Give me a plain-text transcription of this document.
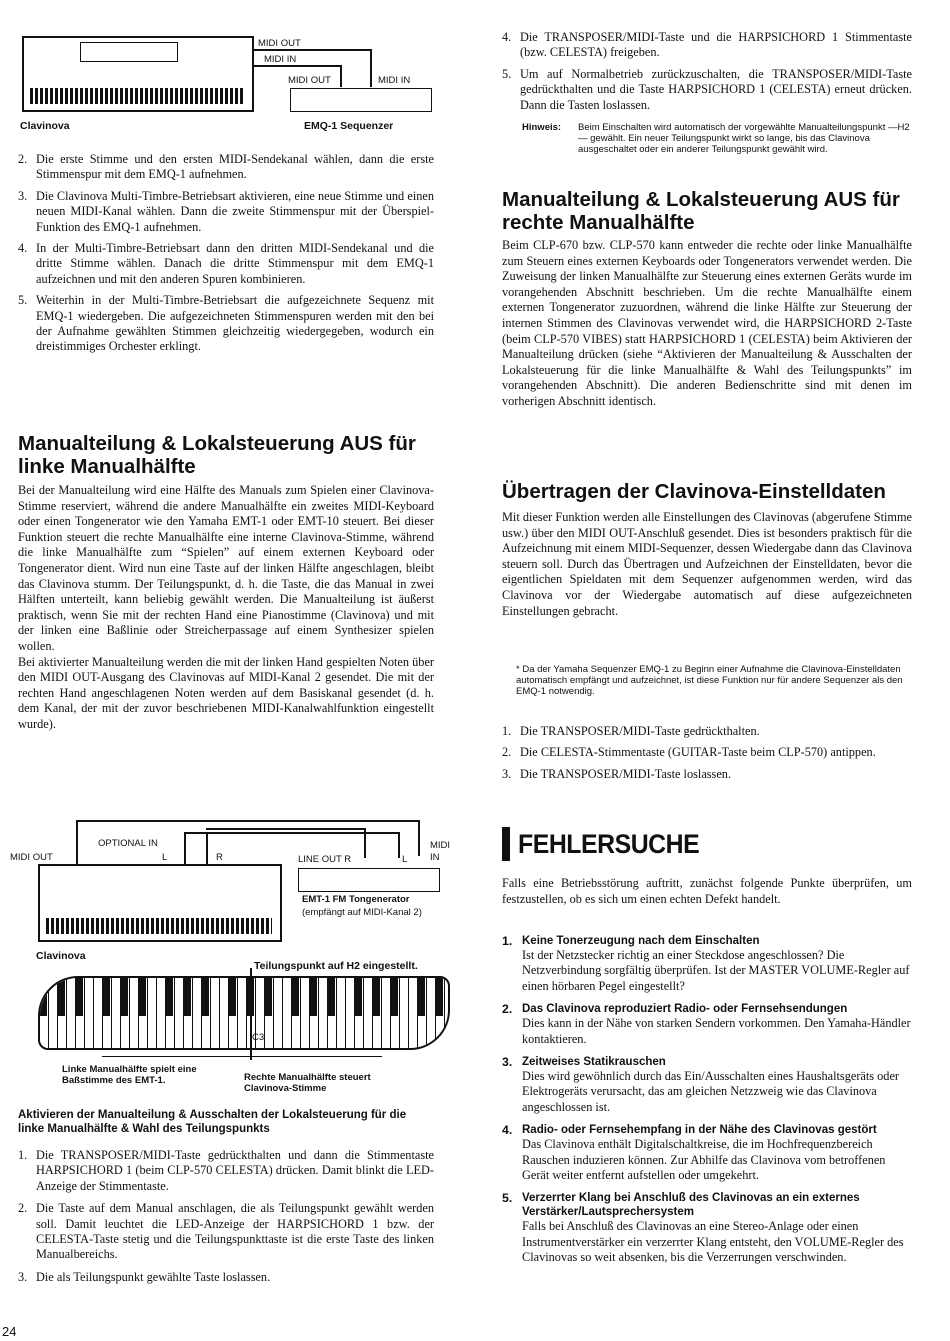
MIDI OUT
MIDI IN
MIDI OUT	MIDI IN
Clavinova	EMQ-1 Sequenzer
2. Die erste Stimme und den ersten MIDI-Sendekanal wählen, dann die erste Stimmenspur mit dem EMQ-1 aufnehmen.
3. Die Clavinova Multi-Timbre-Betriebsart aktivieren, eine neue Stimme und einen neuen MIDI-Kanal wählen. Dann die zweite Stimmenspur mit der Überspiel-Funktion des EMQ-1 aufnehmen.
4. In der Multi-Timbre-Betriebsart dann den dritten MIDI-Sendekanal und die dritte Stimme wählen. Danach die dritte Stimmenspur mit dem EMQ-1 aufzeichnen und mit den anderen Spuren kombinieren.
5. Weiterhin in der Multi-Timbre-Betriebsart die aufgezeichnete Sequenz mit EMQ-1 wiedergeben. Die aufgezeichneten Stimmenspuren werden mit den bei der Aufnahme gewählten Stimmen gleichzeitig wiedergegeben, wodurch ein dreistimmiges Orchester erklingt.
Manualteilung & Lokalsteuerung AUS für linke Manualhälfte

Bei der Manualteilung wird eine Hälfte des Manuals zum Spielen einer Clavinova-Stimme reserviert, während die andere Manualhälfte ein zweites MIDI-Keyboard oder einen Tongenerator wie den Yamaha EMT-1 oder EMT-10 steuert. Bei dieser Funktion steuert die rechte Manualhälfte eine interne Clavinova-Stimme, während die linke Manualhälfte zum “Spielen” auf einem externen Keyboard oder Tongenerator dient. Wird nun eine Taste auf der linken Hälfte angeschlagen, bleibt das Clavinova stumm. Der Teilungspunkt, d. h. die Taste, die das Manual in zwei Hälften unterteilt, kann beliebig gewählt werden. Die Manualteilung ist äußerst praktisch, wenn Sie mit der rechten Hand eine Pianostimme (Clavinova) und mit der linken eine Baßlinie oder Streicherpassage auf einem Synthesizer spielen wollen.

Bei aktivierter Manualteilung werden die mit der linken Hand gespielten Noten über den MIDI OUT-Ausgang des Clavinovas auf MIDI-Kanal 2 gesendet. Die mit der rechten Hand angeschlagenen Noten werden auf dem Basiskanal gesendet (d. h. dem Kanal, der mit der zuvor beschriebenen MIDI-Kanalwahlfunktion eingestellt wurde).

MIDI OUT
OPTIONAL IN
L	R
MIDI
IN
LINE OUT R	L
EMT-1 FM Tongenerator
(empfängt auf MIDI-Kanal 2)
Clavinova
Teilungspunkt auf H2 eingestellt.
C3
Linke Manualhälfte spielt eine Baßstimme des EMT-1.	Rechte Manualhälfte steuert Clavinova-Stimme
Aktivieren der Manualteilung & Ausschalten der Lokalsteuerung für die linke Manualhälfte & Wahl des Teilungspunkts
1. Die TRANSPOSER/MIDI-Taste gedrückthalten und dann die Stimmentaste HARPSICHORD 1 (beim CLP-570 CELESTA) drücken. Damit blinkt die LED-Anzeige der Stimmentaste.
2. Die Taste auf dem Manual anschlagen, die als Teilungspunkt gewählt werden soll. Damit leuchtet die LED-Anzeige der HARPSICHORD 1 bzw. der CELESTA-Taste stetig und die Teilungspunkttaste ist die erste Taste des linken Manualbereichs.
3. Die als Teilungspunkt gewählte Taste loslassen.
24
4. Die TRANSPOSER/MIDI-Taste und die HARPSICHORD 1 Stimmentaste (bzw. CELESTA) freigeben.
5. Um auf Normalbetrieb zurückzuschalten, die TRANSPOSER/MIDI-Taste gedrückthalten und die Taste HARPSICHORD 1 (CELESTA) erneut drücken. Dann die Tasten loslassen.
Hinweis:	Beim Einschalten wird automatisch der vorgewählte Manualteilungspunkt —H2— gewählt. Ein neuer Teilungspunkt wirkt so lange, bis das Clavinova ausgeschaltet oder ein anderer Teilungspunkt gewählt wird.
Manualteilung & Lokalsteuerung AUS für rechte Manualhälfte

Beim CLP-670 bzw. CLP-570 kann entweder die rechte oder linke Manualhälfte zum Steuern eines externen Keyboards oder Tongenerators verwendet werden. Die Zuweisung der linken Manualhälfte zur Steuerung eines externen Geräts wurde im vorangehenden Abschnitt beschrieben. Um die rechte Manualhälfte einem externen Tongenerator zuzuordnen, während die linke Hälfte zur Steuerung der internen Stimmen des Clavinovas verwendet wird, die HARPSICHORD 2-Taste (beim CLP-570 VIBES) statt HARPSICHORD 1 (CELESTA) beim Aktivieren der Manualteilung drücken (siehe “Aktivieren der Manualteilung & Ausschalten der Lokalsteuerung für die linke Manualhälfte & Wahl des Teilungspunkts” im vorangehenden Abschnitt). Die anderen Bedienschritte sind mit denen im vorherigen Abschnitt identisch.

Übertragen der Clavinova-Einstelldaten

Mit dieser Funktion werden alle Einstellungen des Clavinovas (abgerufene Stimme usw.) über den MIDI OUT-Anschluß gesendet. Dies ist besonders praktisch für die Aufzeichnung mit einem MIDI-Sequenzer, dessen Wiedergabe dann das Clavinova steuern soll. Durch das Übertragen und Aufzeichnen der Einstelldaten, bevor die eigentlichen Spieldaten mit dem Sequenzer aufgenommen werden, wird das Clavinova vor der Wiedergabe automatisch auf diese aufgezeichneten Einstellungen gebracht.

* Da der Yamaha Sequenzer EMQ-1 zu Beginn einer Aufnahme die Clavinova-Einstelldaten automatisch empfängt und aufzeichnet, ist diese Funktion nur für andere Sequenzer als den EMQ-1 notwendig.

1. Die TRANSPOSER/MIDI-Taste gedrückthalten.
2. Die CELESTA-Stimmentaste (GUITAR-Taste beim CLP-570) antippen.
3. Die TRANSPOSER/MIDI-Taste loslassen.
FEHLERSUCHE

Falls eine Betriebsstörung auftritt, zunächst folgende Punkte überprüfen, um festzustellen, ob es sich um einen echten Defekt handelt.

1. Keine Tonerzeugung nach dem Einschalten
Ist der Netzstecker richtig an einer Steckdose angeschlossen? Die Netzverbindung sorgfältig überprüfen. Ist der MASTER VOLUME-Regler auf einen hörbaren Pegel eingestellt?
2. Das Clavinova reproduziert Radio- oder Fernsehsendungen
Dies kann in der Nähe von starken Sendern vorkommen. Den Yamaha-Händler kontaktieren.
3. Zeitweises Statikrauschen
Dies wird gewöhnlich durch das Ein/Ausschalten eines Haushaltsgeräts oder Elektrogeräts verursacht, das am gleichen Netzzweig wie das Clavinova angeschlossen ist.
4. Radio- oder Fernsehempfang in der Nähe des Clavinovas gestört
Das Clavinova enthält Digitalschaltkreise, die im Hochfrequenzbereich Rauschen induzieren können. Zur Abhilfe das Clavinova vom betroffenen Gerät weiter entfernt aufstellen oder umgekehrt.
5. Verzerrter Klang bei Anschluß des Clavinovas an ein externes Verstärker/Lautsprechersystem
Falls bei Anschluß des Clavinovas an eine Stereo-Anlage oder einen Instrumentverstärker ein verzerrter Klang entsteht, den VOLUME-Regler des Clavinovas so weit absenken, bis die Verzerrungen verschwinden.
